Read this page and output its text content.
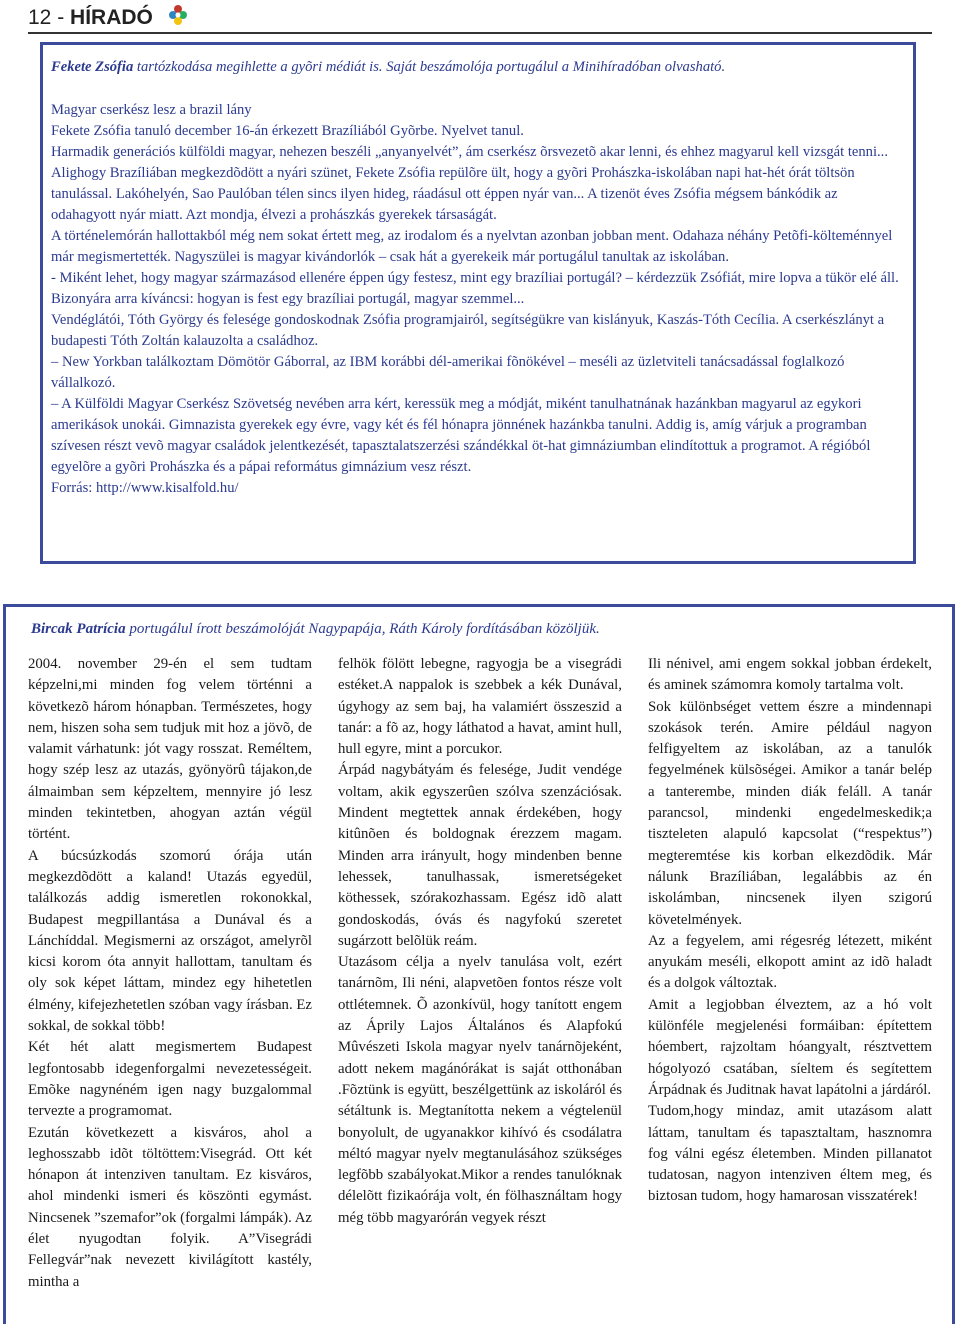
12 - HÍRADÓ

Fekete Zsófia tartózkodása megihlette a gyõri médiát is. Saját beszámolója portugálul a Minihíradóban olvasható.

Magyar cserkész lesz a brazil lány

Fekete Zsófia tanuló december 16-án érkezett Brazíliából Gyõrbe. Nyelvet tanul.

Harmadik generációs külföldi magyar, nehezen beszéli „anyanyelvét”, ám cserkész õrsvezetõ akar lenni, és ehhez magyarul kell vizsgát tenni...

Alighogy Brazíliában megkezdõdött a nyári szünet, Fekete Zsófia repülõre ült, hogy a gyõri Prohászka-iskolában napi hat-hét órát töltsön tanulással. Lakóhelyén, Sao Paulóban télen sincs ilyen hideg, ráadásul ott éppen nyár van... A tizenöt éves Zsófia mégsem bánkódik az odahagyott nyár miatt. Azt mondja, élvezi a prohászkás gyerekek társaságát.

A történelemórán hallottakból még nem sokat értett meg, az irodalom és a nyelvtan azonban jobban ment. Odahaza néhány Petõfi-költeménnyel már megismertették. Nagyszülei is magyar kivándorlók – csak hát a gyerekeik már portugálul tanultak az iskolában.

- Miként lehet, hogy magyar származásod ellenére éppen úgy festesz, mint egy brazíliai portugál? – kérdezzük Zsófiát, mire lopva a tükör elé áll. Bizonyára arra kíváncsi: hogyan is fest egy brazíliai portugál, magyar szemmel...

Vendéglátói, Tóth György és felesége gondoskodnak Zsófia programjairól, segítségükre van kislányuk, Kaszás-Tóth Cecília. A cserkészlányt a budapesti Tóth Zoltán kalauzolta a családhoz.

– New Yorkban találkoztam Dömötör Gáborral, az IBM korábbi dél-amerikai fõnökével – meséli az üzletviteli tanácsadással foglalkozó vállalkozó.

– A Külföldi Magyar Cserkész Szövetség nevében arra kért, keressük meg a módját, miként tanulhatnának hazánkban magyarul az egykori amerikások unokái. Gimnazista gyerekek egy évre, vagy két és fél hónapra jönnének hazánkba tanulni. Addig is, amíg várjuk a programban szívesen részt vevõ magyar családok jelentkezését, tapasztalatszerzési szándékkal öt-hat gimnáziumban elindítottuk a programot. A régióból egyelõre a gyõri Prohászka és a pápai református gimnázium vesz részt.

Forrás: http://www.kisalfold.hu/

Bircak Patrícia portugálul írott beszámolóját Nagypapája, Ráth Károly fordításában közöljük.

2004. november 29-én el sem tudtam képzelni,mi minden fog velem történni a következõ három hónapban. Természetes, hogy nem, hiszen soha sem tudjuk mit hoz a jövõ, de valamit várhatunk: jót vagy rosszat. Reméltem, hogy szép lesz az utazás, gyönyörû tájakon,de álmaimban sem képzeltem, mennyire jó lesz minden tekintetben, ahogyan aztán végül történt.

A búcsúzkodás szomorú órája után megkezdõdött a kaland! Utazás egyedül, találkozás addig ismeretlen rokonokkal, Budapest megpillantása a Dunával és a Lánchíddal. Megismerni az országot, amelyrõl kicsi korom óta annyit hallottam, tanultam és oly sok képet láttam, mindez egy hihetetlen élmény, kifejezhetetlen szóban vagy írásban. Ez sokkal, de sokkal több!

Két hét alatt megismertem Budapest legfontosabb idegenforgalmi nevezetességeit. Emõke nagynéném igen nagy buzgalommal tervezte a programomat.

Ezután következett a kisváros, ahol a leghosszabb idõt töltöttem:Visegrád. Ott két hónapon át intenziven tanultam. Ez kisváros, ahol mindenki ismeri és köszönti egymást. Nincsenek ”szemafor”ok (forgalmi lámpák). Az élet nyugodtan folyik. A”Visegrádi Fellegvár”nak nevezett kivilágított kastély, mintha a

felhök fölött lebegne, ragyogja be a visegrádi estéket.A nappalok is szebbek a kék Dunával, úgyhogy az sem baj, ha valamiért összeszid a tanár: a fõ az, hogy láthatod a havat, amint hull, hull egyre, mint a porcukor.

Árpád nagybátyám és felesége, Judit vendége voltam, akik egyszerûen szólva szenzációsak. Mindent megtettek annak érdekében, hogy kitûnõen és boldognak érezzem magam. Minden arra irányult, hogy mindenben benne lehessek, tanulhassak, ismeretségeket köthessek, szórakozhassam. Egész idõ alatt gondoskodás, óvás és nagyfokú szeretet sugárzott belõlük reám.

Utazásom célja a nyelv tanulása volt, ezért tanárnõm, Ili néni, alapvetõen fontos része volt ottlétemnek. Õ azonkívül, hogy tanított engem az Áprily Lajos Általános és Alapfokú Mûvészeti Iskola magyar nyelv tanárnõjeként, adott nekem magánórákat is saját otthonában .Fõztünk is együtt, beszélgettünk az iskoláról és sétáltunk is. Megtanította nekem a végtelenül bonyolult, de ugyanakkor kihívó és csodálatra méltó magyar nyelv megtanulásához szükséges legfõbb szabályokat.Mikor a rendes tanulóknak délelõtt fizikaórája volt, én fölhasználtam hogy még több magyarórán vegyek részt

Ili nénivel, ami engem sokkal jobban érdekelt, és aminek számomra komoly tartalma volt.

Sok különbséget vettem észre a mindennapi szokások terén. Amire például nagyon felfigyeltem az iskolában, az a tanulók fegyelmének külsõségei. Amikor a tanár belép a tanterembe, minden diák feláll. A tanár parancsol, mindenki engedelmeskedik;a tiszteleten alapuló kapcsolat (“respektus”) megteremtése kis korban elkezdõdik. Már nálunk Brazíliában, legalábbis az én iskolámban, nincsenek ilyen szigorú követelmények.

Az a fegyelem, ami régesrég létezett, miként anyukám meséli, elkopott amint az idõ haladt és a dolgok változtak.

Amit a legjobban élveztem, az a hó volt különféle megjelenési formáiban: építettem hóembert, rajzoltam hóangyalt, résztvettem hógolyozó csatában, síeltem és segítettem Árpádnak és Juditnak havat lapátolni a járdáról.

Tudom,hogy mindaz, amit utazásom alatt láttam, tanultam és tapasztaltam, hasznomra fog válni egész életemben. Minden pillanatot tudatosan, nagyon intenziven éltem meg, és biztosan tudom, hogy hamarosan visszatérek!
